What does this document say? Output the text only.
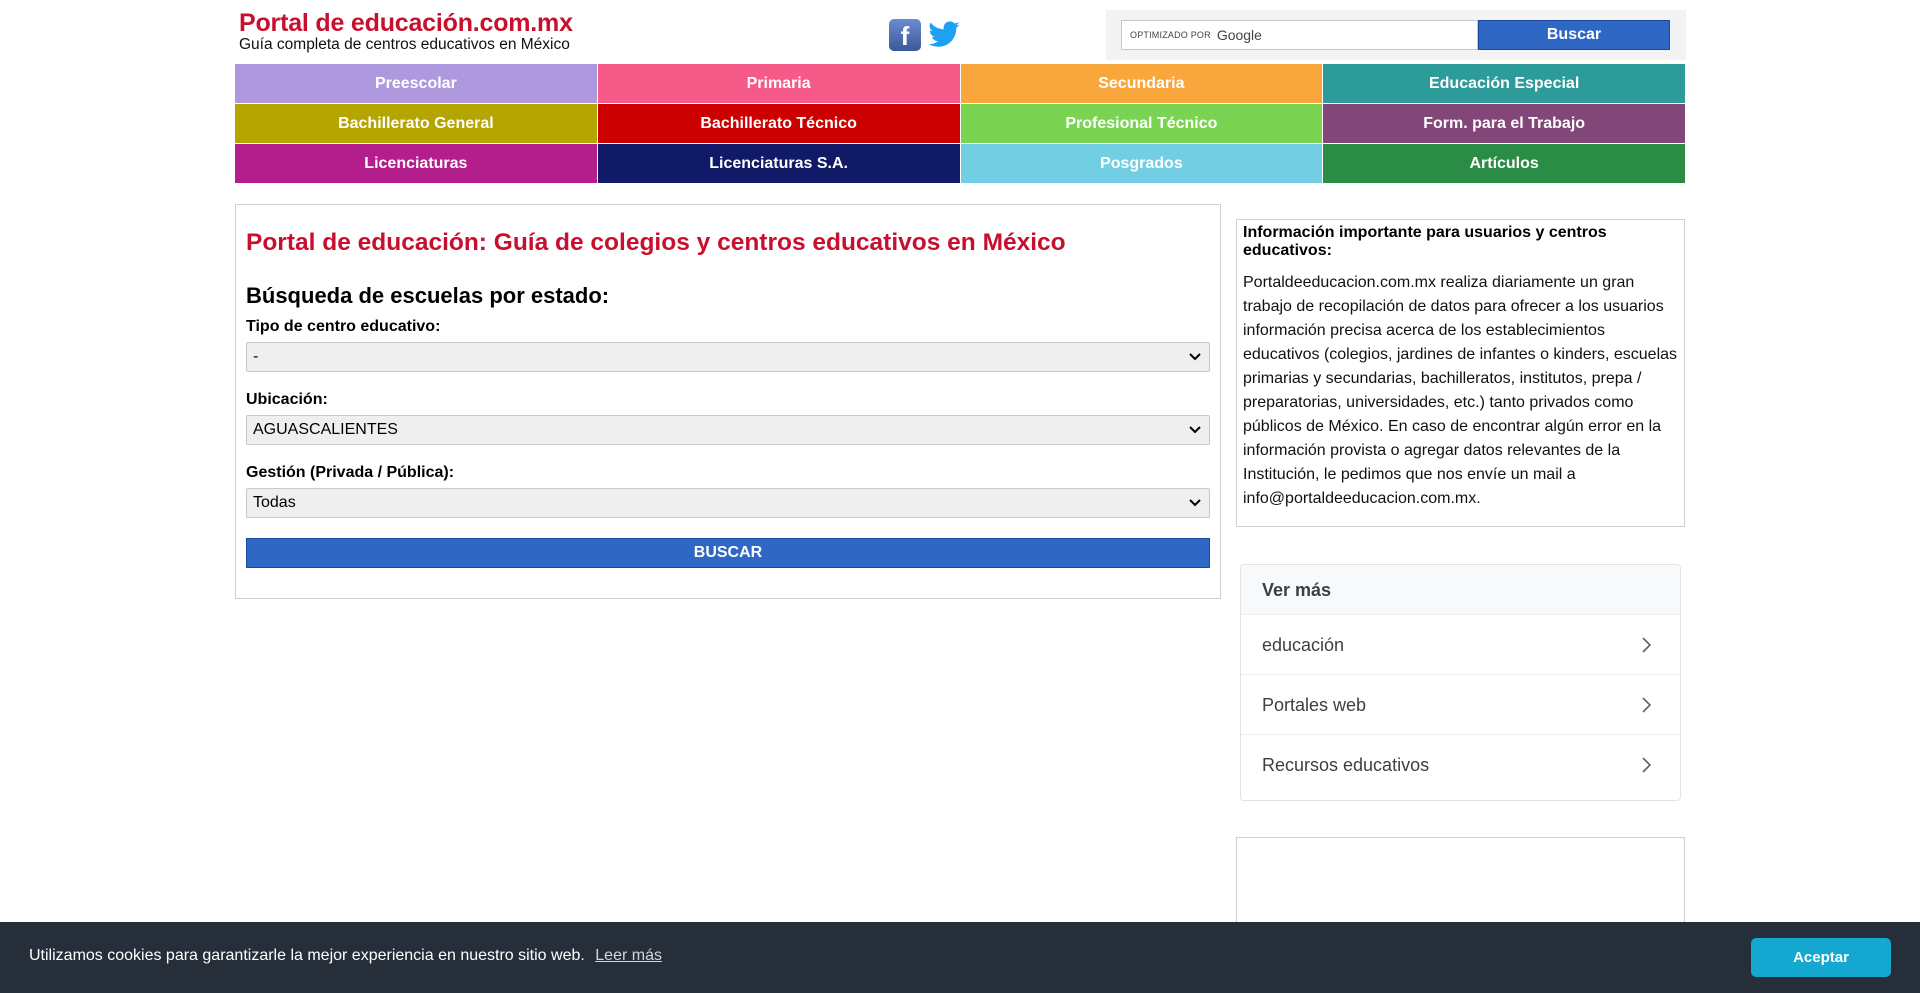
Portal de educación.com.mx
Guía completa de centros educativos en México	f	OPTIMIZADO POR Google	Buscar
Preescolar	Primaria	Secundaria	Educación Especial
Bachillerato General	Bachillerato Técnico	Profesional Técnico	Form. para el Trabajo
Licenciaturas	Licenciaturas S.A.	Posgrados	Artículos
Portal de educación: Guía de colegios y centros educativos en México
Búsqueda de escuelas por estado:
Tipo de centro educativo:
-
Ubicación:
AGUASCALIENTES
Gestión (Privada / Pública):
Todas
BUSCAR
Información importante para usuarios y centros educativos:
Portaldeeducacion.com.mx realiza diariamente un gran trabajo de recopilación de datos para ofrecer a los usuarios información precisa acerca de los establecimientos educativos (colegios, jardines de infantes o kinders, escuelas primarias y secundarias, bachilleratos, institutos, prepa / preparatorias, universidades, etc.) tanto privados como públicos de México. En caso de encontrar algún error en la información provista o agregar datos relevantes de la Institución, le pedimos que nos envíe un mail a info@portaldeeducacion.com.mx.
Ver más
educación
Portales web
Recursos educativos
Utilizamos cookies para garantizarle la mejor experiencia en nuestro sitio web. Leer más	Aceptar
